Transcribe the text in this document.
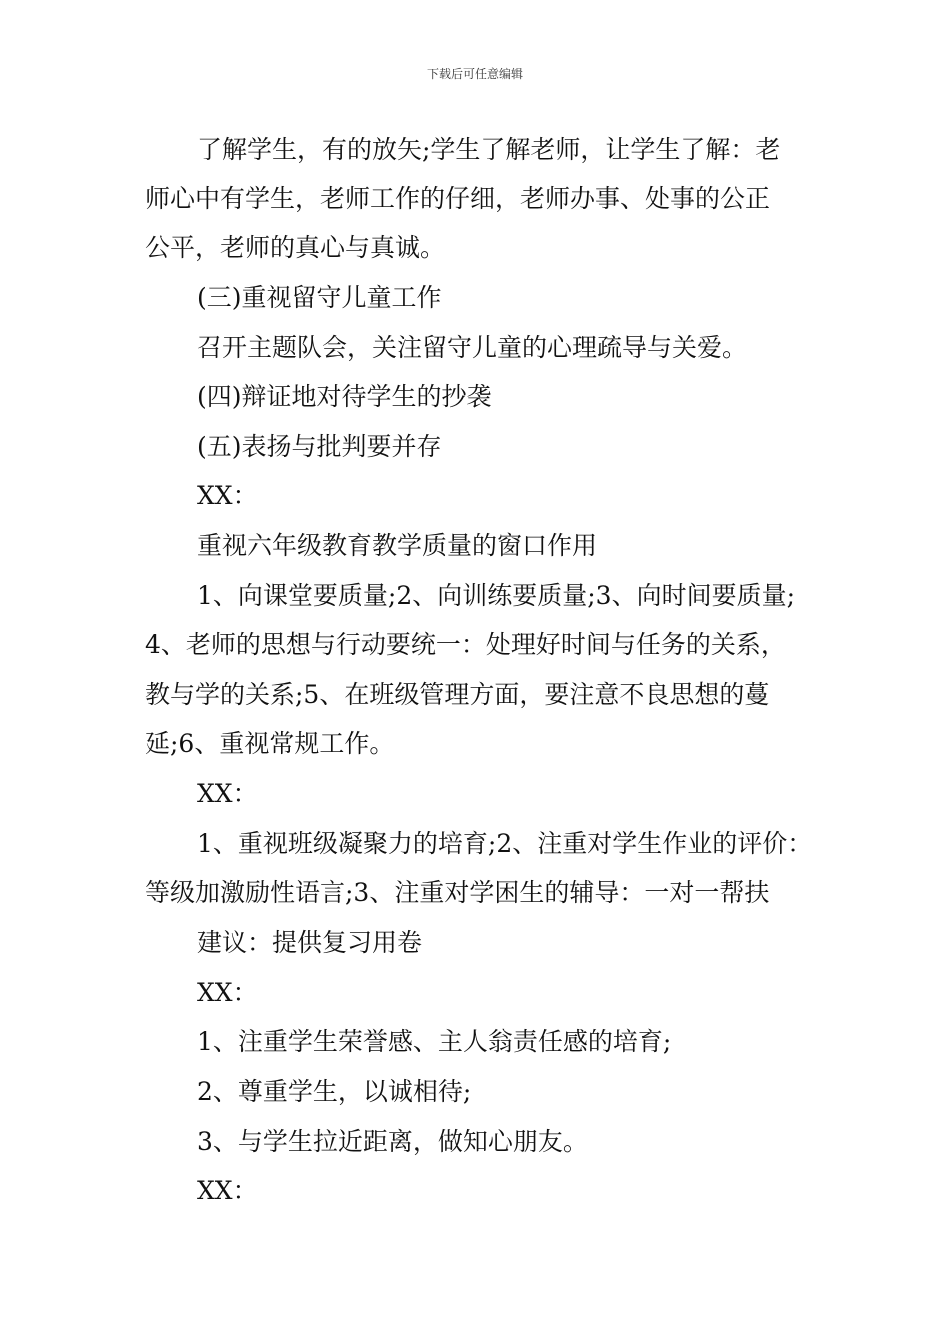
下载后可任意编辑
了解学生，有的放矢;学生了解老师，让学生了解：老
师心中有学生，老师工作的仔细，老师办事、处事的公正
公平，老师的真心与真诚。
(三)重视留守儿童工作
召开主题队会，关注留守儿童的心理疏导与关爱。
(四)辩证地对待学生的抄袭
(五)表扬与批判要并存
XX：
重视六年级教育教学质量的窗口作用
1、向课堂要质量;2、向训练要质量;3、向时间要质量;
4、老师的思想与行动要统一：处理好时间与任务的关系，
教与学的关系;5、在班级管理方面，要注意不良思想的蔓
延;6、重视常规工作。
XX：
1、重视班级凝聚力的培育;2、注重对学生作业的评价：
等级加激励性语言;3、注重对学困生的辅导：一对一帮扶
建议：提供复习用卷
XX：
1、注重学生荣誉感、主人翁责任感的培育;
2、尊重学生，以诚相待;
3、与学生拉近距离，做知心朋友。
XX：
